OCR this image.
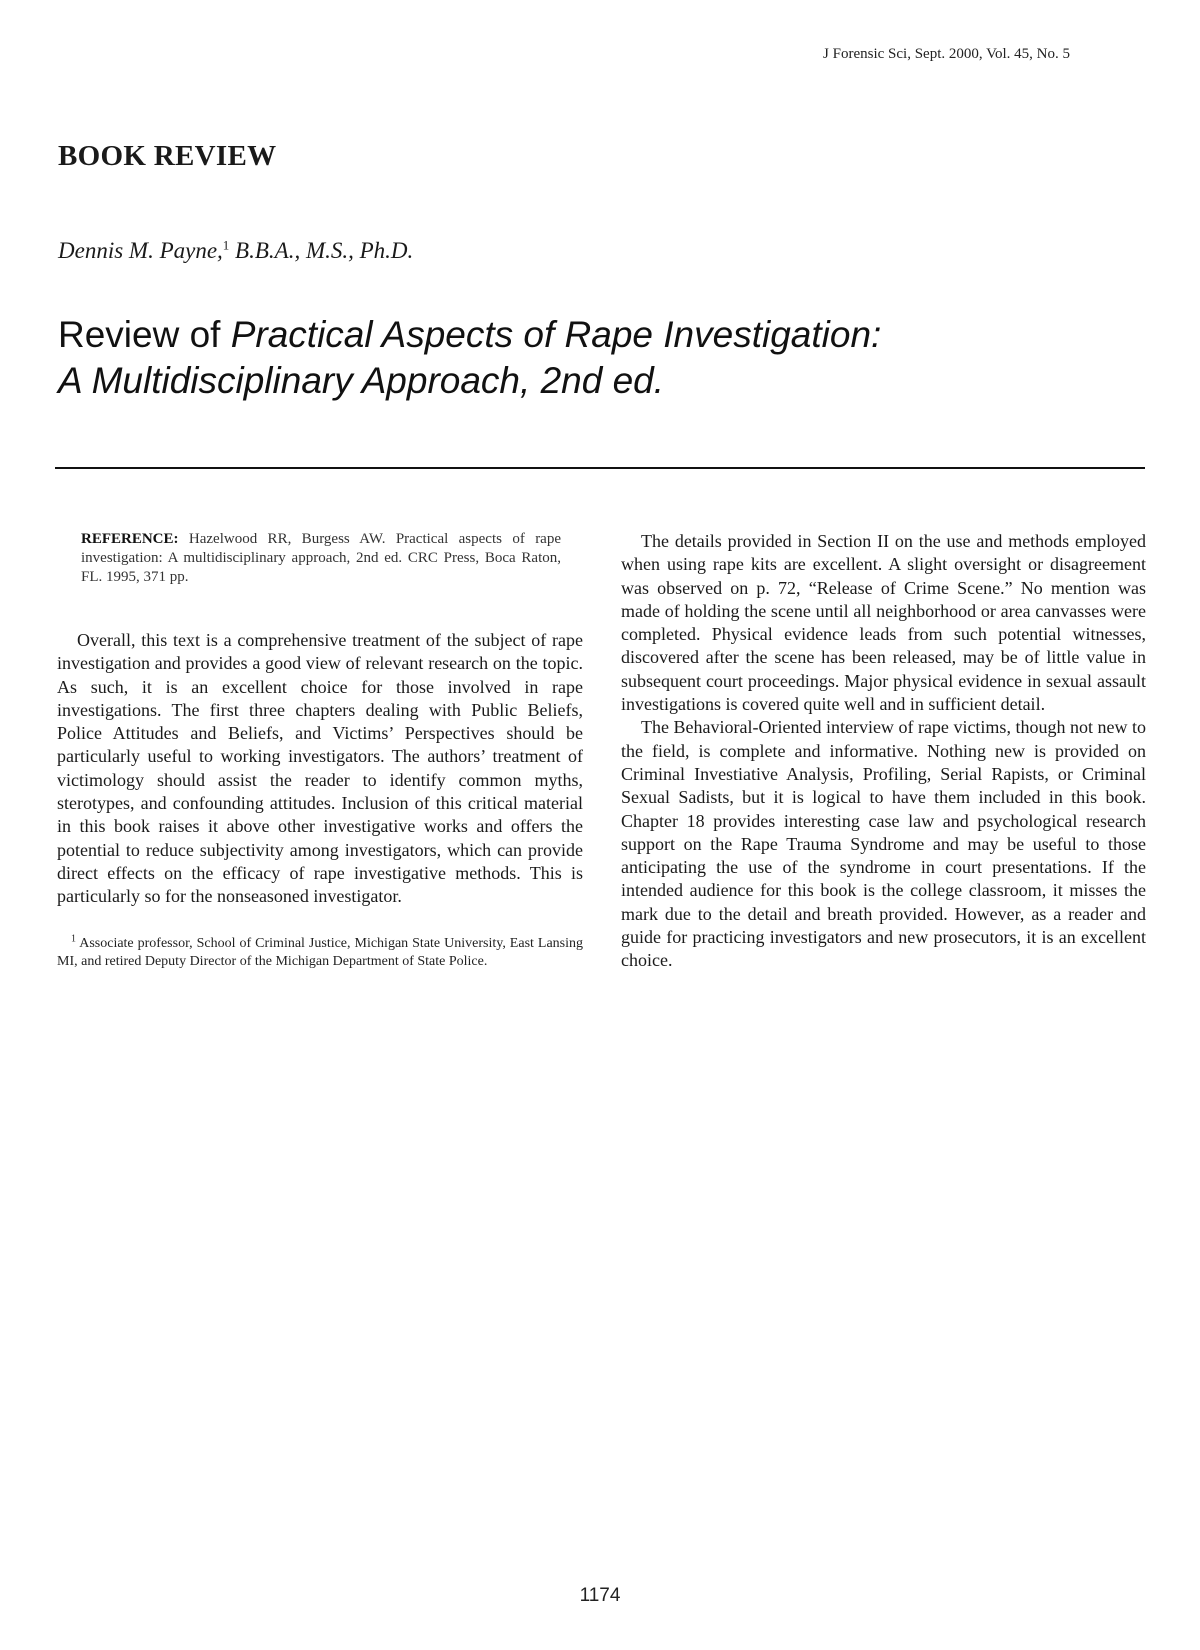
J Forensic Sci, Sept. 2000, Vol. 45, No. 5
BOOK REVIEW
Dennis M. Payne,$^1$ B.B.A., M.S., Ph.D.
Review of Practical Aspects of Rape Investigation:
A Multidisciplinary Approach, 2nd ed.

REFERENCE: Hazelwood RR, Burgess AW. Practical aspects of rape investigation: A multidisciplinary approach, 2nd ed. CRC Press, Boca Raton, FL. 1995, 371 pp.

Overall, this text is a comprehensive treatment of the subject of rape investigation and provides a good view of relevant research on the topic. As such, it is an excellent choice for those involved in rape investigations. The first three chapters dealing with Public Beliefs, Police Attitudes and Beliefs, and Victims’ Perspectives should be particularly useful to working investigators. The authors’ treatment of victimology should assist the reader to identify common myths, sterotypes, and confounding attitudes. Inclusion of this critical material in this book raises it above other investigative works and offers the potential to reduce subjectivity among investigators, which can provide direct effects on the efficacy of rape investigative methods. This is particularly so for the nonseasoned investigator.

$^1$ Associate professor, School of Criminal Justice, Michigan State University, East Lansing MI, and retired Deputy Director of the Michigan Department of State Police.

The details provided in Section II on the use and methods employed when using rape kits are excellent. A slight oversight or disagreement was observed on p. 72, “Release of Crime Scene.” No mention was made of holding the scene until all neighborhood or area canvasses were completed. Physical evidence leads from such potential witnesses, discovered after the scene has been released, may be of little value in subsequent court proceedings. Major physical evidence in sexual assault investigations is covered quite well and in sufficient detail.

The Behavioral-Oriented interview of rape victims, though not new to the field, is complete and informative. Nothing new is provided on Criminal Investiative Analysis, Profiling, Serial Rapists, or Criminal Sexual Sadists, but it is logical to have them included in this book. Chapter 18 provides interesting case law and psychological research support on the Rape Trauma Syndrome and may be useful to those anticipating the use of the syndrome in court presentations. If the intended audience for this book is the college classroom, it misses the mark due to the detail and breath provided. However, as a reader and guide for practicing investigators and new prosecutors, it is an excellent choice.

1174
